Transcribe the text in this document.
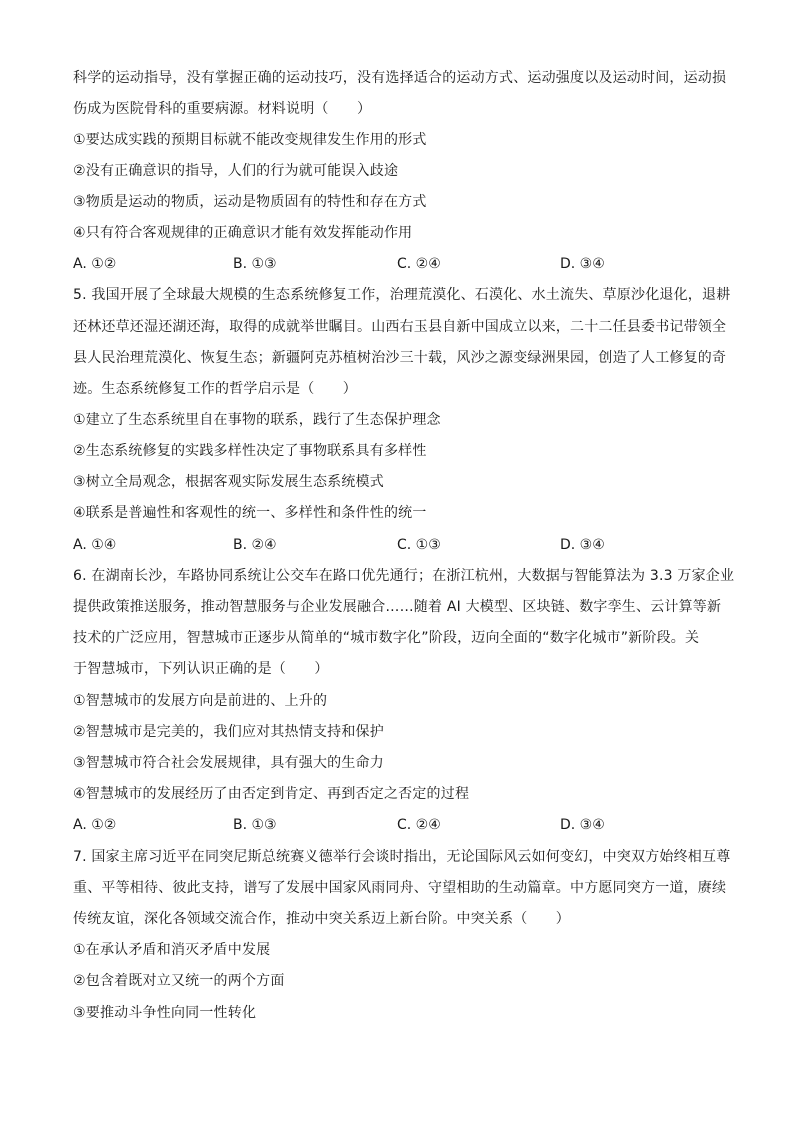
科学的运动指导，没有掌握正确的运动技巧，没有选择适合的运动方式、运动强度以及运动时间，运动损
伤成为医院骨科的重要病源。材料说明（　　）
①要达成实践的预期目标就不能改变规律发生作用的形式
②没有正确意识的指导，人们的行为就可能误入歧途
③物质是运动的物质，运动是物质固有的特性和存在方式
④只有符合客观规律的正确意识才能有效发挥能动作用
A. ①②	B. ①③	C. ②④	D. ③④
5. 我国开展了全球最大规模的生态系统修复工作，治理荒漠化、石漠化、水土流失、草原沙化退化，退耕
还林还草还湿还湖还海，取得的成就举世瞩目。山西右玉县自新中国成立以来，二十二任县委书记带领全
县人民治理荒漠化、恢复生态；新疆阿克苏植树治沙三十载，风沙之源变绿洲果园，创造了人工修复的奇
迹。生态系统修复工作的哲学启示是（　　）
①建立了生态系统里自在事物的联系，践行了生态保护理念
②生态系统修复的实践多样性决定了事物联系具有多样性
③树立全局观念，根据客观实际发展生态系统模式
④联系是普遍性和客观性的统一、多样性和条件性的统一
A. ①④	B. ②④	C. ①③	D. ③④
6. 在湖南长沙，车路协同系统让公交车在路口优先通行；在浙江杭州，大数据与智能算法为 3.3 万家企业
提供政策推送服务，推动智慧服务与企业发展融合……随着 AI 大模型、区块链、数字孪生、云计算等新
技术的广泛应用，智慧城市正逐步从简单的“城市数字化”阶段，迈向全面的“数字化城市”新阶段。关
于智慧城市，下列认识正确的是（　　）
①智慧城市的发展方向是前进的、上升的
②智慧城市是完美的，我们应对其热情支持和保护
③智慧城市符合社会发展规律，具有强大的生命力
④智慧城市的发展经历了由否定到肯定、再到否定之否定的过程
A. ①②	B. ①③	C. ②④	D. ③④
7. 国家主席习近平在同突尼斯总统赛义德举行会谈时指出，无论国际风云如何变幻，中突双方始终相互尊
重、平等相待、彼此支持，谱写了发展中国家风雨同舟、守望相助的生动篇章。中方愿同突方一道，赓续
传统友谊，深化各领域交流合作，推动中突关系迈上新台阶。中突关系（　　）
①在承认矛盾和消灭矛盾中发展
②包含着既对立又统一的两个方面
③要推动斗争性向同一性转化
